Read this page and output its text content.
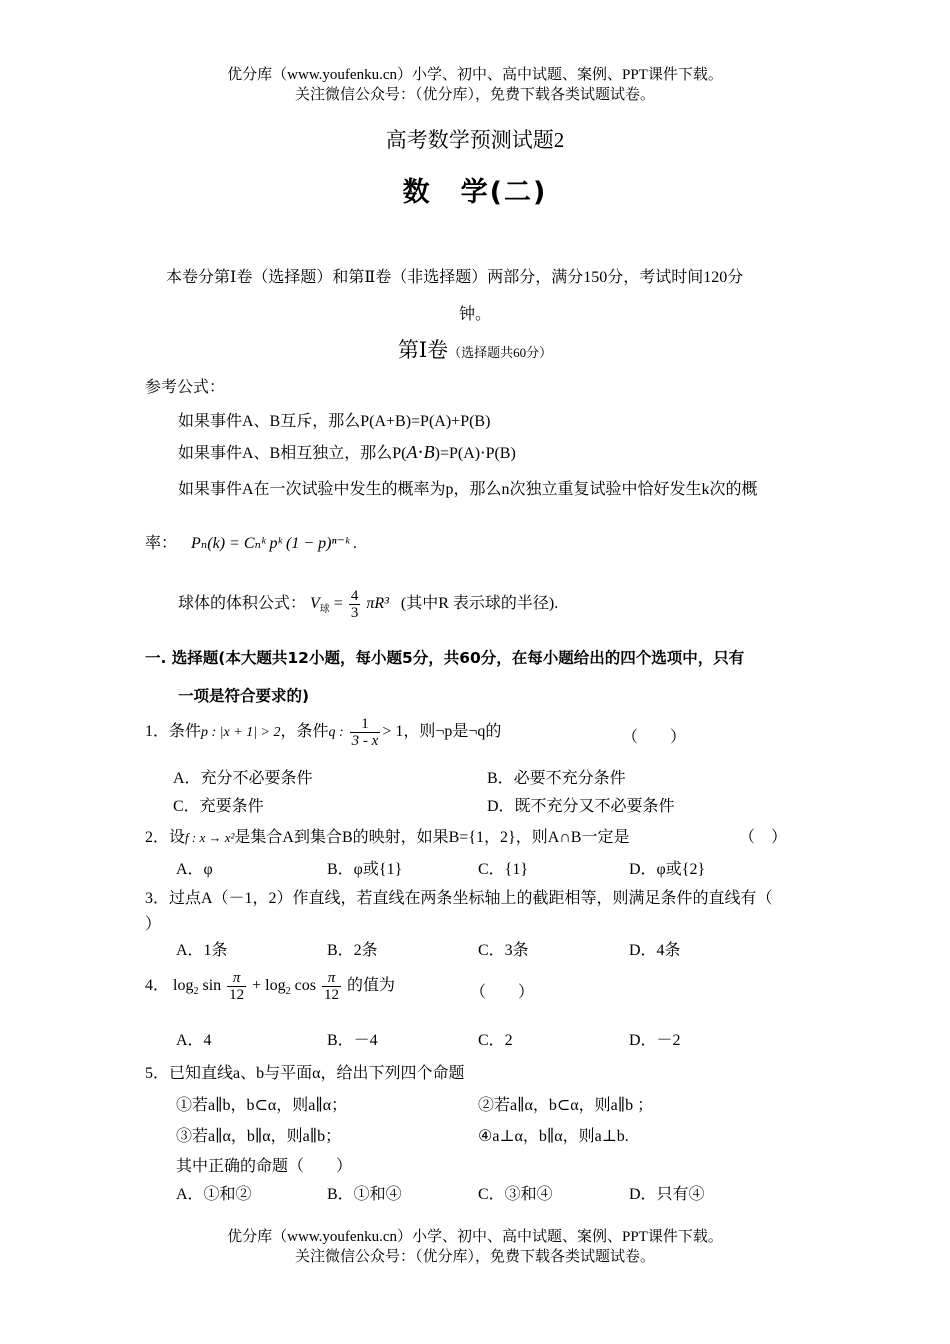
优分库（www.youfenku.cn）小学、初中、高中试题、案例、PPT课件下载。
关注微信公众号：（优分库），免费下载各类试题试卷。
高考数学预测试题2
数　学(二)
本卷分第Ⅰ卷（选择题）和第Ⅱ卷（非选择题）两部分，满分150分，考试时间120分
钟。
第Ⅰ卷（选择题共60分）
参考公式：
如果事件A、B互斥，那么P(A+B)=P(A)+P(B)
如果事件A、B相互独立，那么P(A⋅B)=P(A)⋅P(B)
如果事件A在一次试验中发生的概率为p，那么n次独立重复试验中恰好发生k次的概
率： Pₙ(k) = Cₙᵏ pᵏ (1 − p)ⁿ⁻ᵏ .
球体的体积公式： $V_球 = \frac{4}{3} \pi R^3$ (其中R 表示球的半径).
一. 选择题(本大题共12小题，每小题5分，共60分，在每小题给出的四个选项中，只有
一项是符合要求的)
1．条件p : |x + 1| > 2，条件q : $\frac{1}{3 - x} > 1$，则¬p是¬q的	（　　）
A．充分不必要条件	B．必要不充分条件
C．充要条件	D．既不充分又不必要条件
2．设f : x → x²是集合A到集合B的映射，如果B={1，2}，则A∩B一定是	（　）
A．φ	B．φ或{1}	C．{1}	D．φ或{2}
3．过点A（－1，2）作直线，若直线在两条坐标轴上的截距相等，则满足条件的直线有（
）
A．1条	B．2条	C．3条	D．4条
4． $\log_2 \sin \frac{\pi}{12} + \log_2 \cos \frac{\pi}{12}$ 的值为	（　　）
A．4	B．－4	C．2	D．－2
5．已知直线a、b与平面α，给出下列四个命题
①若a∥b，b⊂α，则a∥α；	②若a∥α，b⊂α，则a∥b ；
③若a∥α，b∥α，则a∥b；	④a⊥α，b∥α，则a⊥b.
其中正确的命题（　　）
A．①和②	B．①和④	C．③和④	D．只有④
优分库（www.youfenku.cn）小学、初中、高中试题、案例、PPT课件下载。
关注微信公众号：（优分库），免费下载各类试题试卷。
